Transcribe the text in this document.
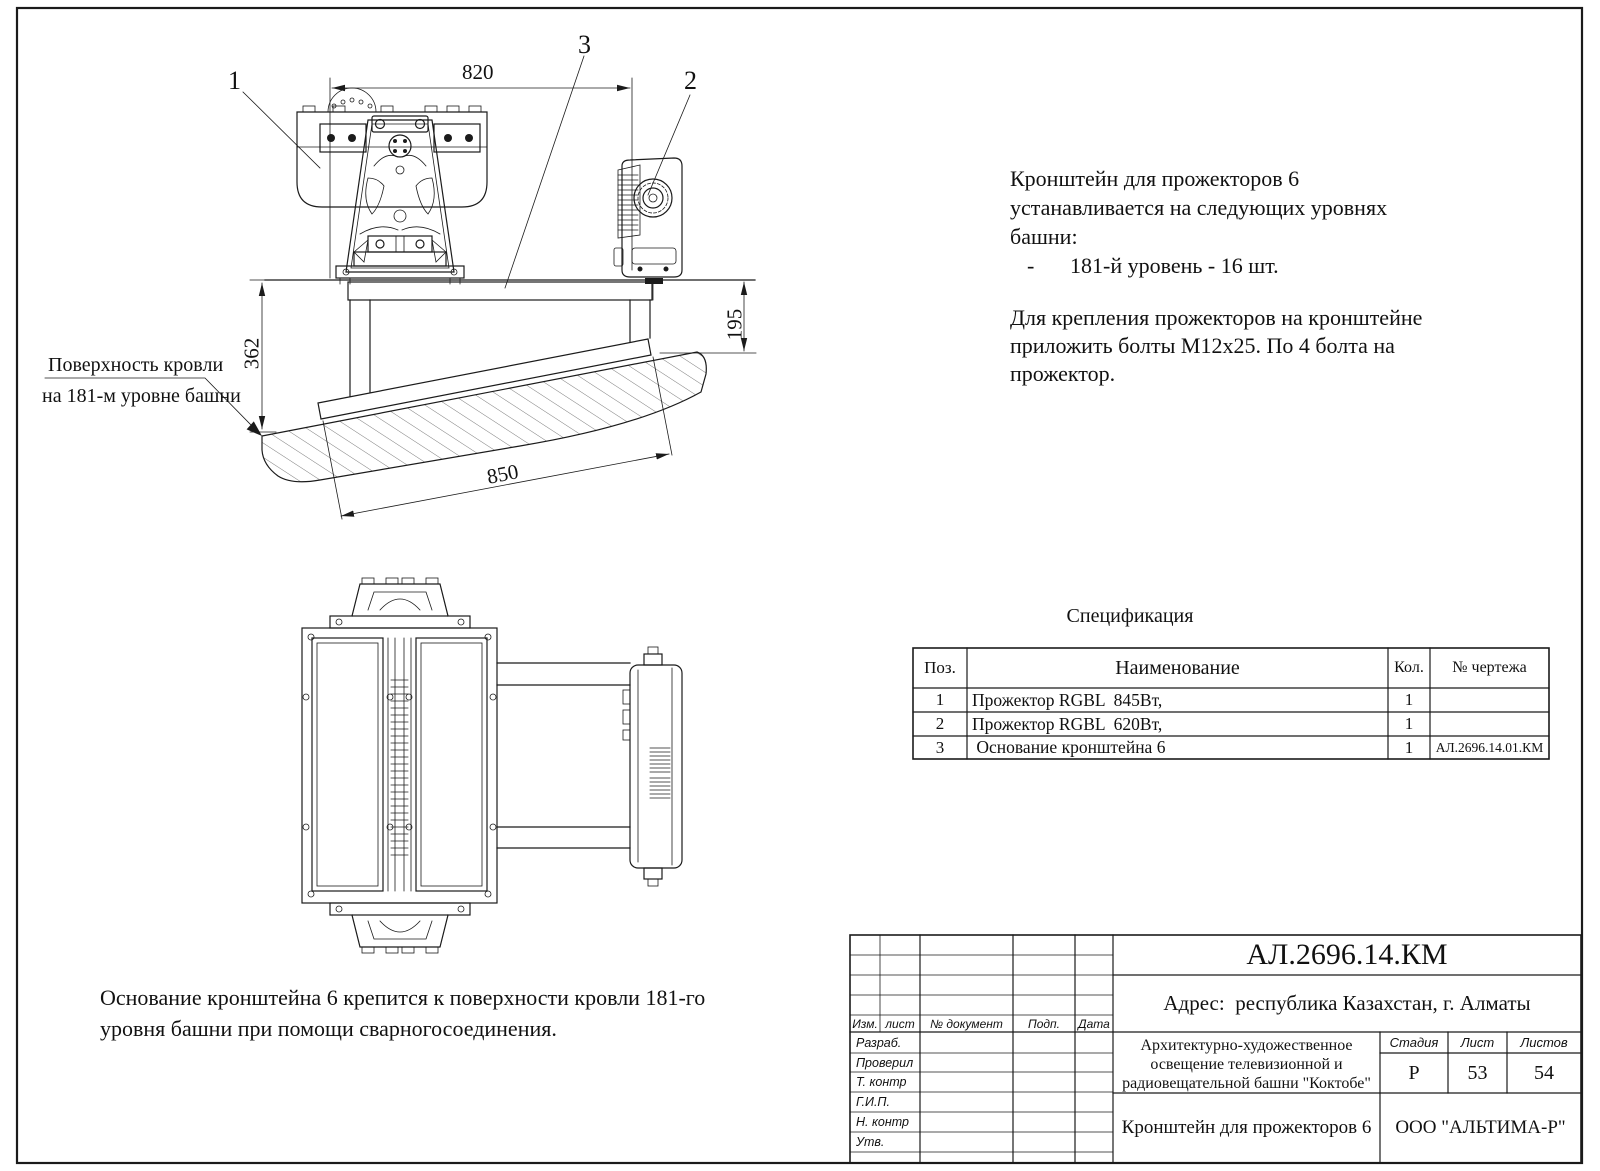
1	2
3
820
362
195
850
Поверхность кровли
на 181-м уровне башни
Кронштейн для прожекторов 6
устанавливается на следующих уровнях
башни:
- 181-й уровень - 16 шт.
Для крепления прожекторов на кронштейне
приложить болты М12х25. По 4 болта на
прожектор.
Основание кронштейна 6 крепится к поверхности кровли 181-го
уровня башни при помощи сварногосоединения.
Спецификация
Поз.	Наименование	Кол.	№ чертежа
1	Прожектор RGBL  845Вт,	1
2	Прожектор RGBL  620Вт,	1
3	Основание кронштейна 6	1	АЛ.2696.14.01.КМ
АЛ.2696.14.КМ
Адрес:  республика Казахстан, г. Алматы
Изм. лист	№ документ	Подп.	Дата
Разраб.
Проверил
Т. контр
Г.И.П.
Н. контр
Утв.
Архитектурно-художественное
освещение телевизионной и
радиовещательной башни "Коктобе"
Стадия	Лист	Листов
Р	53	54
Кронштейн для прожекторов 6	ООО "АЛЬТИМА-Р"
